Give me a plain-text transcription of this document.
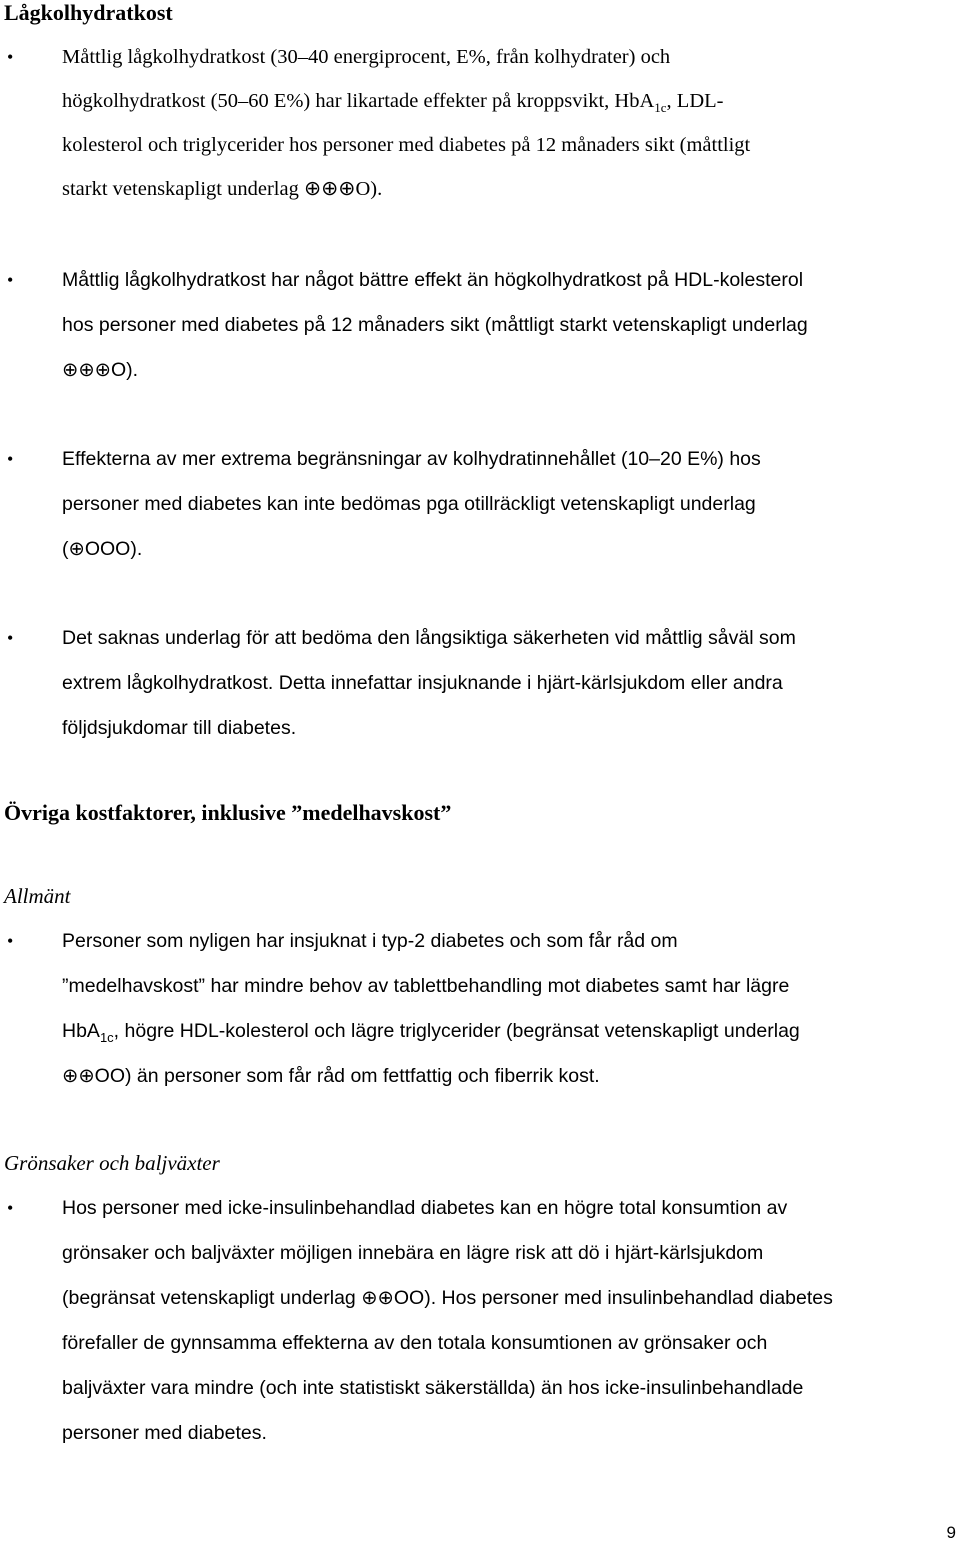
Lågkolhydratkost
• Måttlig lågkolhydratkost (30–40 energiprocent, E%, från kolhydrater) och
högkolhydratkost (50–60 E%) har likartade effekter på kroppsvikt, HbA$_{1c}$, LDL-
kolesterol och triglycerider hos personer med diabetes på 12 månaders sikt (måttligt
starkt vetenskapligt underlag ⊕⊕⊕O).
• Måttlig lågkolhydratkost har något bättre effekt än högkolhydratkost på HDL-kolesterol
hos personer med diabetes på 12 månaders sikt (måttligt starkt vetenskapligt underlag
⊕⊕⊕O).
• Effekterna av mer extrema begränsningar av kolhydratinnehållet (10–20 E%) hos
personer med diabetes kan inte bedömas pga otillräckligt vetenskapligt underlag
(⊕OOO).
• Det saknas underlag för att bedöma den långsiktiga säkerheten vid måttlig såväl som
extrem lågkolhydratkost. Detta innefattar insjuknande i hjärt-kärlsjukdom eller andra
följdsjukdomar till diabetes.
Övriga kostfaktorer, inklusive ”medelhavskost”
Allmänt
• Personer som nyligen har insjuknat i typ-2 diabetes och som får råd om
”medelhavskost” har mindre behov av tablettbehandling mot diabetes samt har lägre
HbA$_{1c}$, högre HDL-kolesterol och lägre triglycerider (begränsat vetenskapligt underlag
⊕⊕OO) än personer som får råd om fettfattig och fiberrik kost.
Grönsaker och baljväxter
• Hos personer med icke-insulinbehandlad diabetes kan en högre total konsumtion av
grönsaker och baljväxter möjligen innebära en lägre risk att dö i hjärt-kärlsjukdom
(begränsat vetenskapligt underlag ⊕⊕OO). Hos personer med insulinbehandlad diabetes
förefaller de gynnsamma effekterna av den totala konsumtionen av grönsaker och
baljväxter vara mindre (och inte statistiskt säkerställda) än hos icke-insulinbehandlade
personer med diabetes.
9
